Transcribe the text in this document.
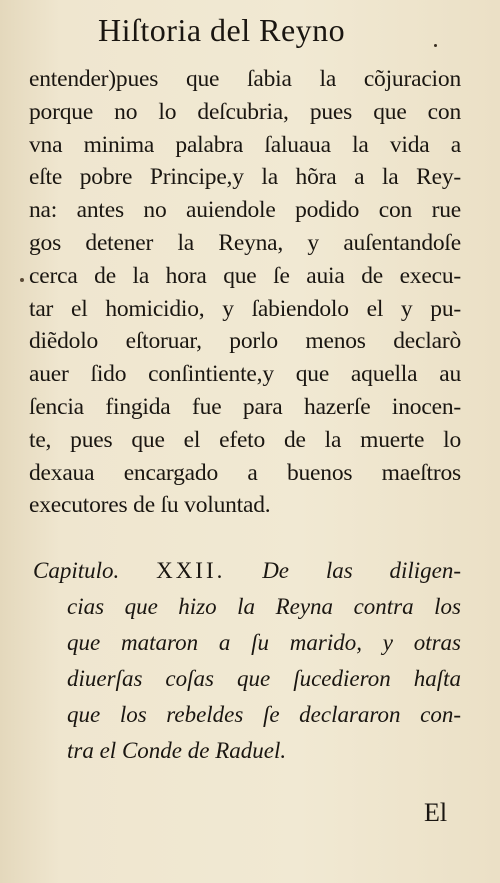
Hiſtoria del Reyno
entender)pues que ſabia la cõjuracion
porque no lo deſcubria, pues que con
vna minima palabra ſaluaua la vida a
eſte pobre Principe,y la hõra a la Rey-
na: antes no auiendole podido con rue
gos detener la Reyna, y auſentandoſe
cerca de la hora que ſe auia de execu-
tar el homicidio, y ſabiendolo el y pu-
diẽdolo eſtoruar, porlo menos declarò
auer ſido conſintiente,y que aquella au
ſencia fingida fue para hazerſe inocen-
te, pues que el efeto de la muerte lo
dexaua encargado a buenos maeſtros
executores de ſu voluntad.
Capitulo. XXII. De las diligen-
cias que hizo la Reyna contra los
que mataron a ſu marido, y otras
diuerſas coſas que ſucedieron haſta
que los rebeldes ſe declararon con-
tra el Conde de Raduel.
El
